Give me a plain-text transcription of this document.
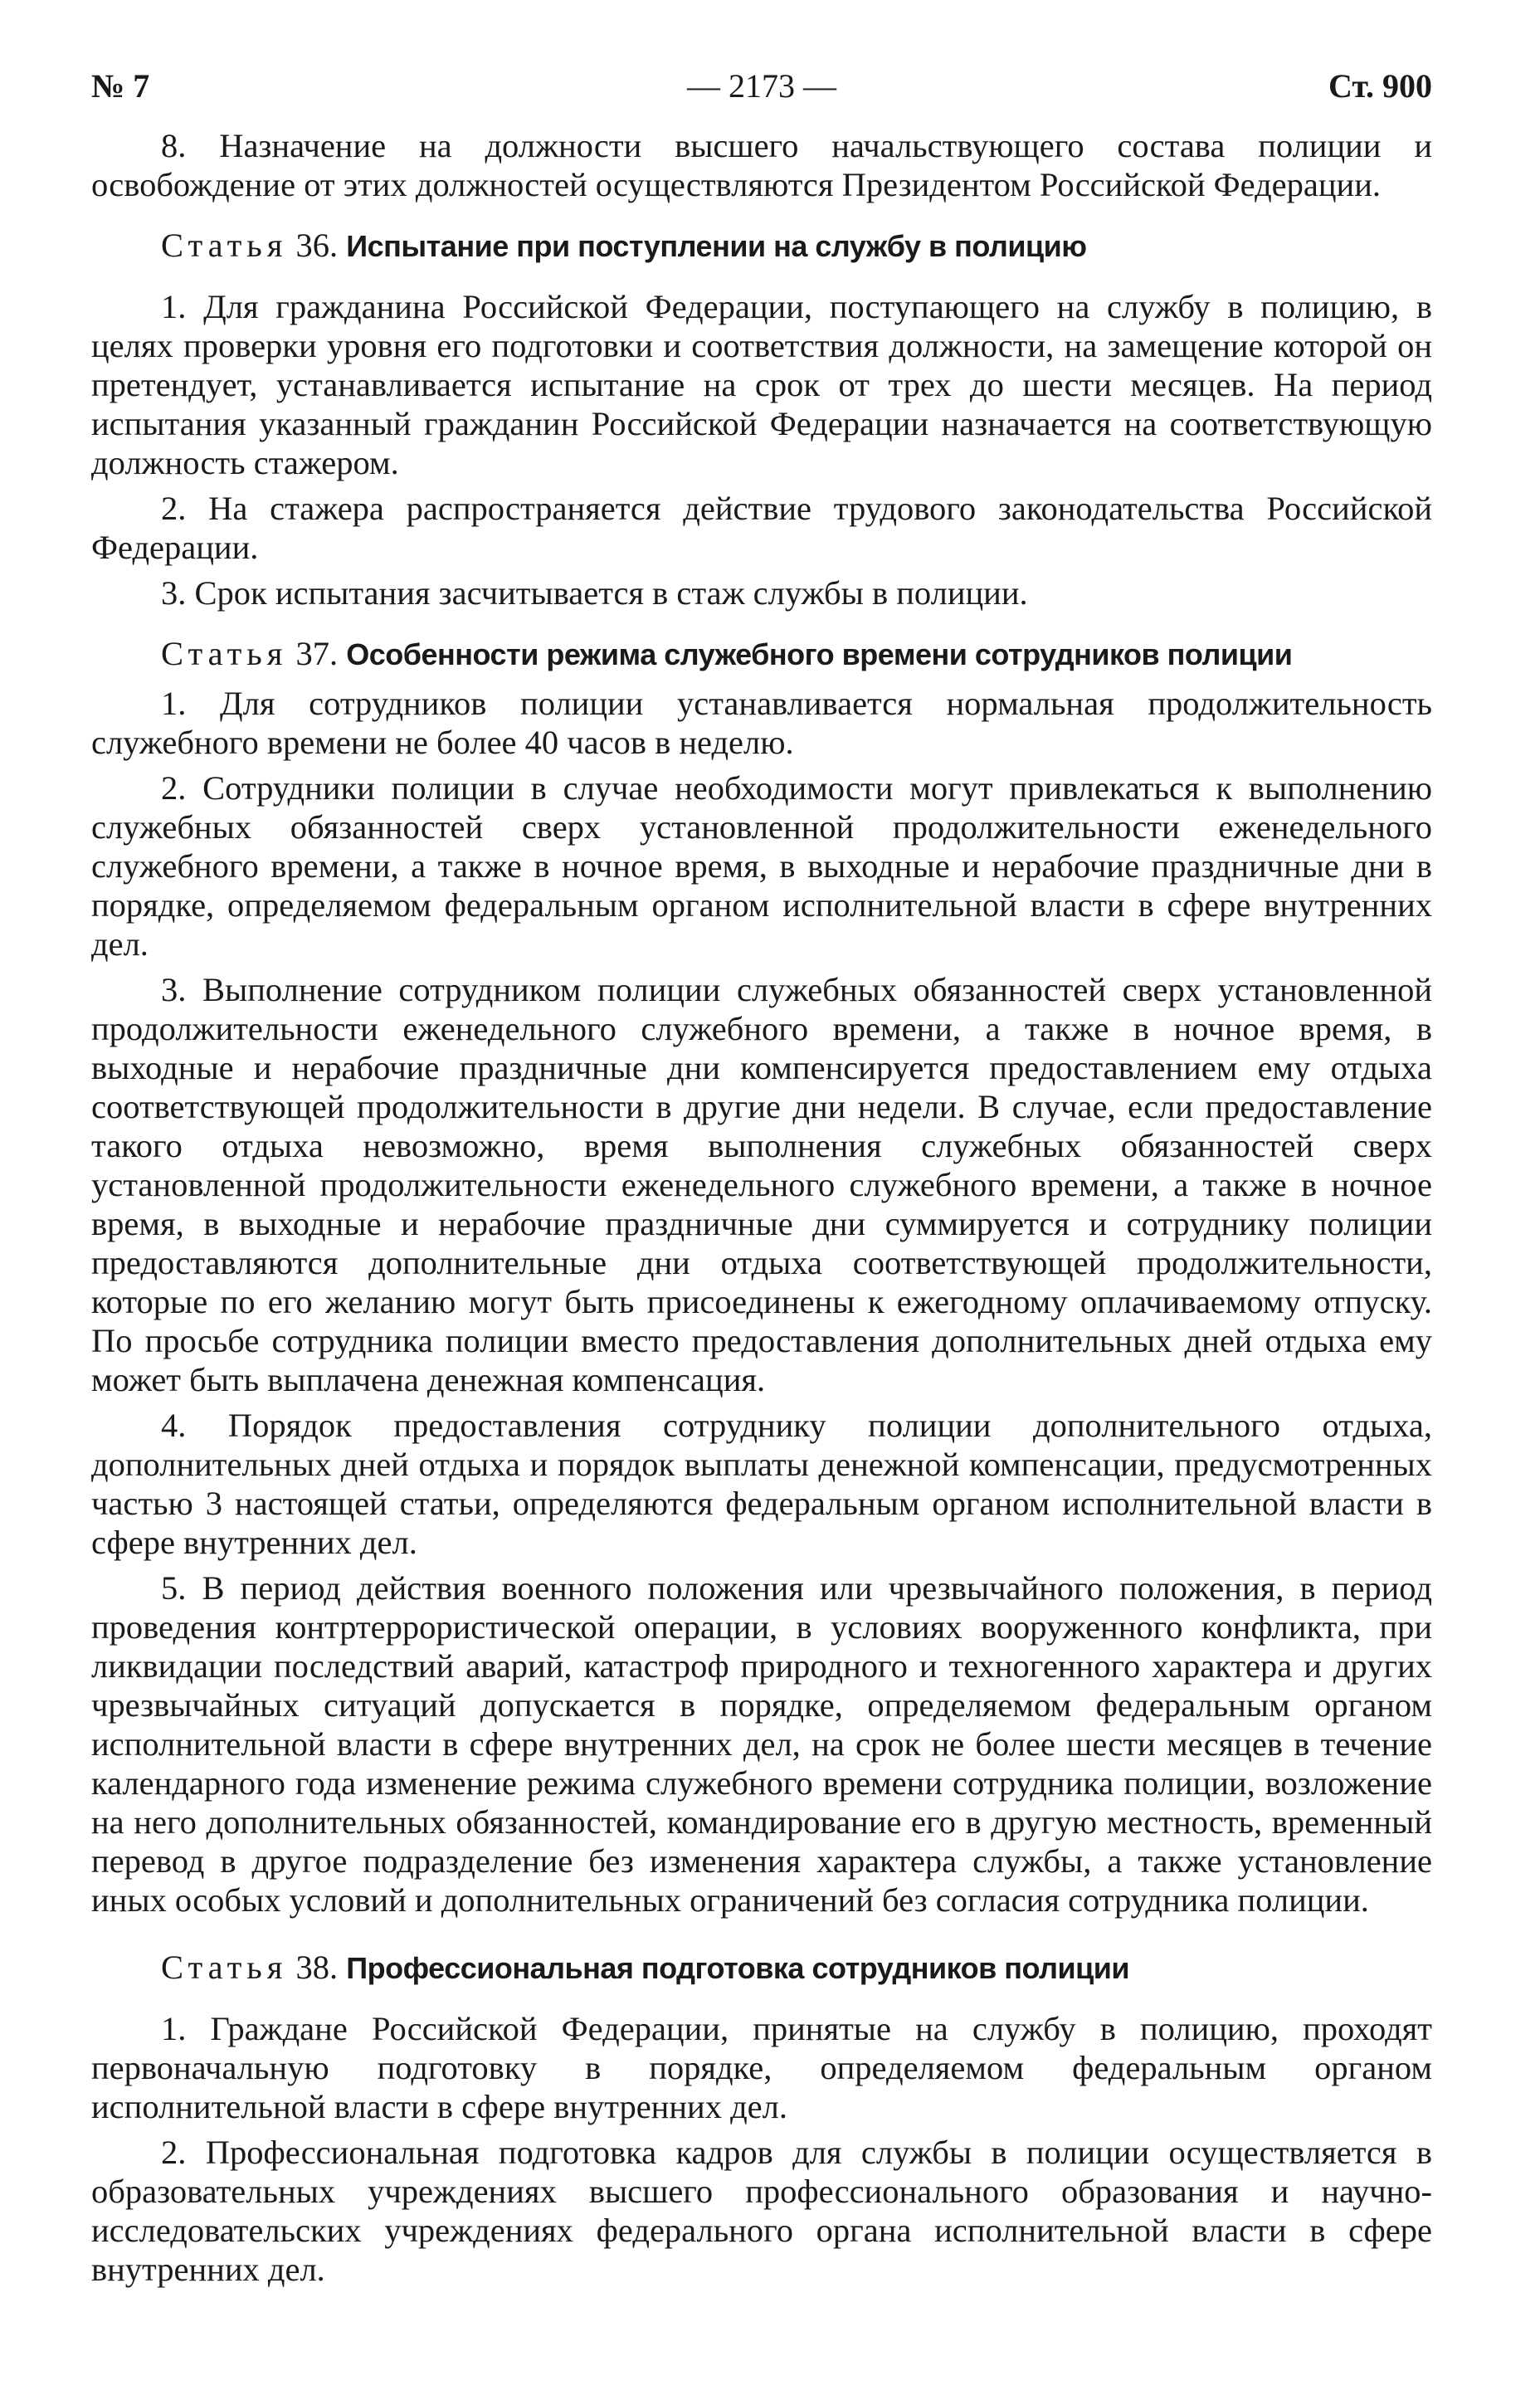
№ 7	— 2173 —	Ст. 900

8. Назначение на должности высшего начальствующего состава полиции и освобождение от этих должностей осуществляются Президентом Российской Федерации.

Статья 36. Испытание при поступлении на службу в полицию

1. Для гражданина Российской Федерации, поступающего на службу в полицию, в целях проверки уровня его подготовки и соответствия должности, на замещение которой он претендует, устанавливается испытание на срок от трех до шести месяцев. На период испытания указанный гражданин Российской Федерации назначается на соответствующую должность стажером.

2. На стажера распространяется действие трудового законодательства Российской Федерации.

3. Срок испытания засчитывается в стаж службы в полиции.

Статья 37. Особенности режима служебного времени сотрудников полиции

1. Для сотрудников полиции устанавливается нормальная продолжительность служебного времени не более 40 часов в неделю.

2. Сотрудники полиции в случае необходимости могут привлекаться к выполнению служебных обязанностей сверх установленной продолжительности еженедельного служебного времени, а также в ночное время, в выходные и нерабочие праздничные дни в порядке, определяемом федеральным органом исполнительной власти в сфере внутренних дел.

3. Выполнение сотрудником полиции служебных обязанностей сверх установленной продолжительности еженедельного служебного времени, а также в ночное время, в выходные и нерабочие праздничные дни компенсируется предоставлением ему отдыха соответствующей продолжительности в другие дни недели. В случае, если предоставление такого отдыха невозможно, время выполнения служебных обязанностей сверх установленной продолжительности еженедельного служебного времени, а также в ночное время, в выходные и нерабочие праздничные дни суммируется и сотруднику полиции предоставляются дополнительные дни отдыха соответствующей продолжительности, которые по его желанию могут быть присоединены к ежегодному оплачиваемому отпуску. По просьбе сотрудника полиции вместо предоставления дополнительных дней отдыха ему может быть выплачена денежная компенсация.

4. Порядок предоставления сотруднику полиции дополнительного отдыха, дополнительных дней отдыха и порядок выплаты денежной компенсации, предусмотренных частью 3 настоящей статьи, определяются федеральным органом исполнительной власти в сфере внутренних дел.

5. В период действия военного положения или чрезвычайного положения, в период проведения контртеррористической операции, в условиях вооруженного конфликта, при ликвидации последствий аварий, катастроф природного и техногенного характера и других чрезвычайных ситуаций допускается в порядке, определяемом федеральным органом исполнительной власти в сфере внутренних дел, на срок не более шести месяцев в течение календарного года изменение режима служебного времени сотрудника полиции, возложение на него дополнительных обязанностей, командирование его в другую местность, временный перевод в другое подразделение без изменения характера службы, а также установление иных особых условий и дополнительных ограничений без согласия сотрудника полиции.

Статья 38. Профессиональная подготовка сотрудников полиции

1. Граждане Российской Федерации, принятые на службу в полицию, проходят первоначальную подготовку в порядке, определяемом федеральным органом исполнительной власти в сфере внутренних дел.

2. Профессиональная подготовка кадров для службы в полиции осуществляется в образовательных учреждениях высшего профессионального образования и научно-исследовательских учреждениях федерального органа исполнительной власти в сфере внутренних дел.
